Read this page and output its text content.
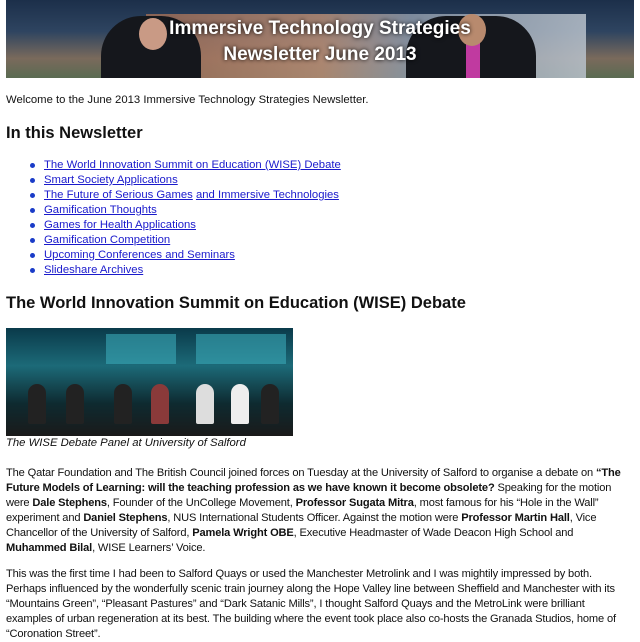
Immersive Technology Strategies
Newsletter June 2013
Welcome to the June 2013 Immersive Technology Strategies Newsletter.
In this Newsletter
The World Innovation Summit on Education (WISE) Debate
Smart Society Applications
The Future of Serious Games and Immersive Technologies
Gamification Thoughts
Games for Health Applications
Gamification Competition
Upcoming Conferences and Seminars
Slideshare Archives
The World Innovation Summit on Education (WISE) Debate
The WISE Debate Panel at University of Salford

The Qatar Foundation and The British Council joined forces on Tuesday at the University of Salford to organise a debate on “The Future Models of Learning: will the teaching profession as we have known it become obsolete? Speaking for the motion were Dale Stephens, Founder of the UnCollege Movement, Professor Sugata Mitra, most famous for his “Hole in the Wall” experiment and Daniel Stephens, NUS International Students Officer. Against the motion were Professor Martin Hall, Vice Chancellor of the University of Salford, Pamela Wright OBE, Executive Headmaster of Wade Deacon High School and Muhammed Bilal, WISE Learners’ Voice.

This was the first time I had been to Salford Quays or used the Manchester Metrolink and I was mightily impressed by both. Perhaps influenced by the wonderfully scenic train journey along the Hope Valley line between Sheffield and Manchester with its “Mountains Green”, “Pleasant Pastures” and “Dark Satanic Mills”, I thought Salford Quays and the MetroLink were brilliant examples of urban regeneration at its best. The building where the event took place also co-hosts the Granada Studios, home of “Coronation Street”.
